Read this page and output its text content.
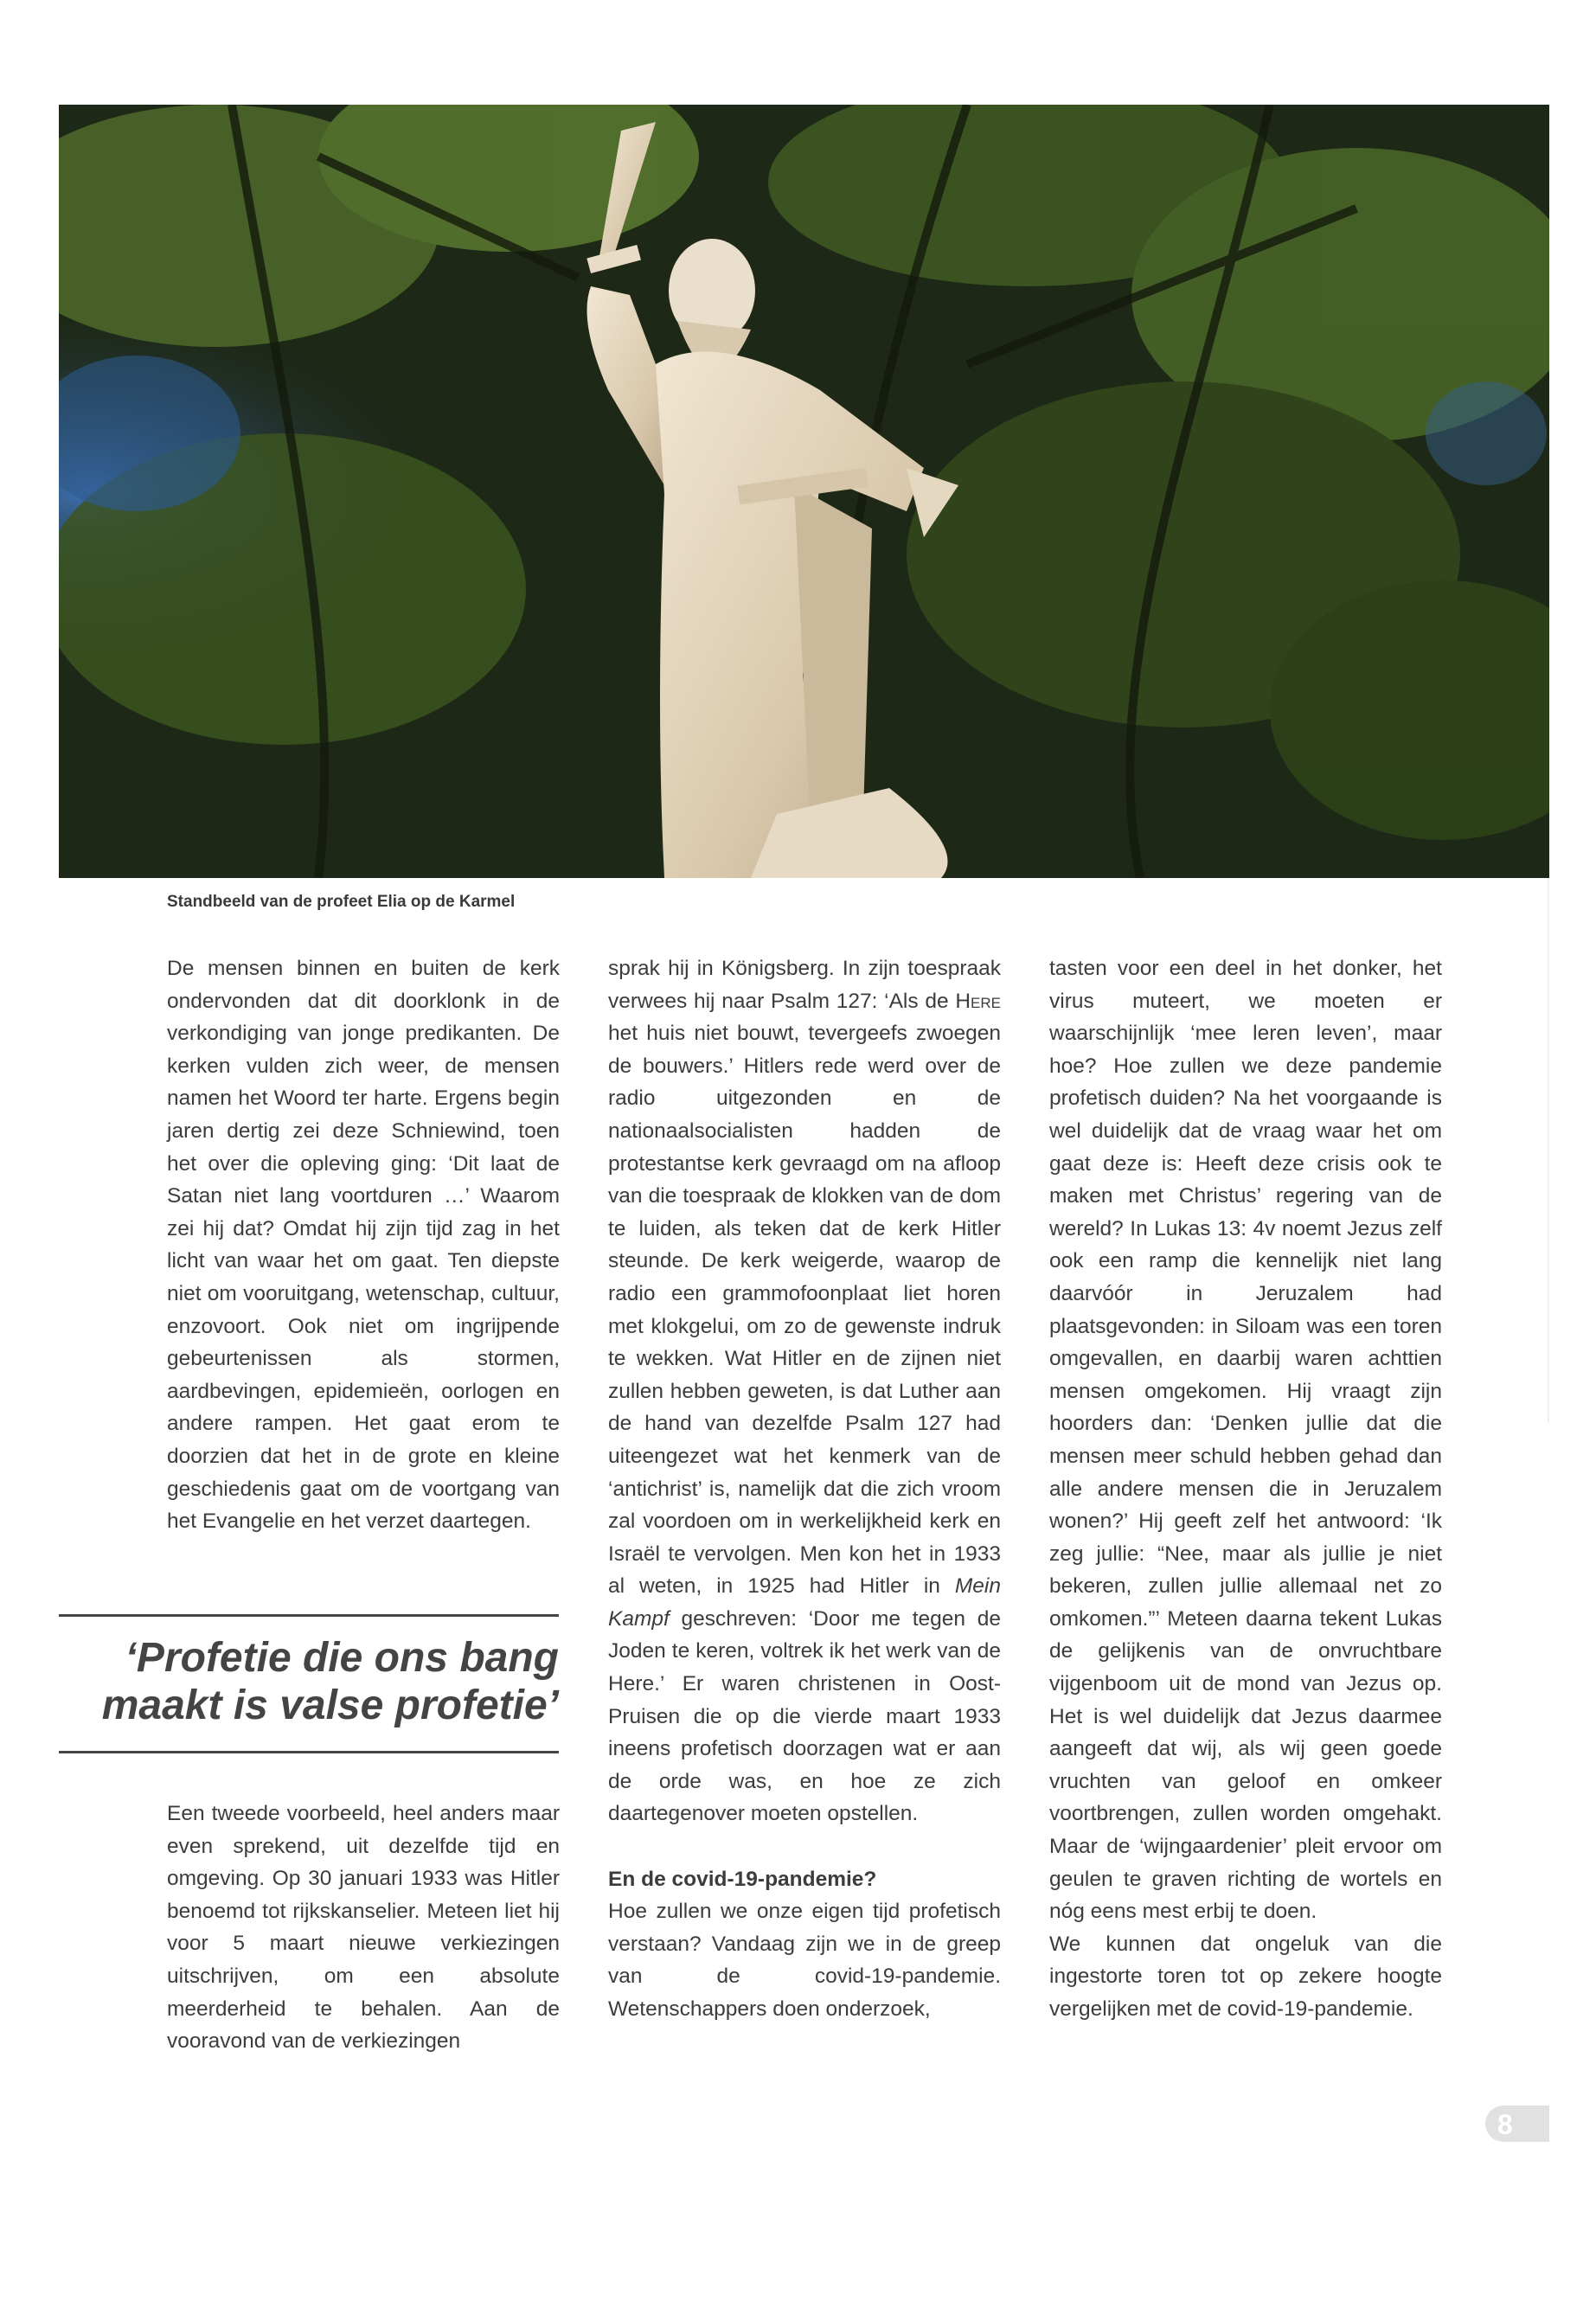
Standbeeld van de profeet Elia op de Karmel

De mensen binnen en buiten de kerk ondervonden dat dit doorklonk in de verkondiging van jonge predikanten. De kerken vulden zich weer, de mensen namen het Woord ter harte. Ergens begin jaren dertig zei deze Schniewind, toen het over die opleving ging: ‘Dit laat de Satan niet lang voortduren …’ Waarom zei hij dat? Omdat hij zijn tijd zag in het licht van waar het om gaat. Ten diepste niet om vooruitgang, wetenschap, cultuur, enzovoort. Ook niet om ingrijpende gebeurtenissen als stormen, aardbevingen, epidemieën, oorlogen en andere rampen. Het gaat erom te doorzien dat het in de grote en kleine geschiedenis gaat om de voortgang van het Evangelie en het verzet daartegen.

‘Profetie die ons bang
maakt is valse profetie’

Een tweede voorbeeld, heel anders maar even sprekend, uit dezelfde tijd en omgeving. Op 30 januari 1933 was Hitler benoemd tot rijkskanselier. Meteen liet hij voor 5 maart nieuwe verkiezingen uitschrijven, om een absolute meerderheid te behalen. Aan de vooravond van de verkiezingen

sprak hij in Königsberg. In zijn toespraak verwees hij naar Psalm 127: ‘Als de Here het huis niet bouwt, tevergeefs zwoegen de bouwers.’ Hitlers rede werd over de radio uitgezonden en de nationaalsocialisten hadden de protestantse kerk gevraagd om na afloop van die toespraak de klokken van de dom te luiden, als teken dat de kerk Hitler steunde. De kerk weigerde, waarop de radio een grammofoonplaat liet horen met klokgelui, om zo de gewenste indruk te wekken. Wat Hitler en de zijnen niet zullen hebben geweten, is dat Luther aan de hand van dezelfde Psalm 127 had uiteengezet wat het kenmerk van de ‘antichrist’ is, namelijk dat die zich vroom zal voordoen om in werkelijkheid kerk en Israël te vervolgen. Men kon het in 1933 al weten, in 1925 had Hitler in Mein Kampf geschreven: ‘Door me tegen de Joden te keren, voltrek ik het werk van de Here.’ Er waren christenen in Oost-Pruisen die op die vierde maart 1933 ineens profetisch doorzagen wat er aan de orde was, en hoe ze zich daartegenover moeten opstellen.

En de covid-19-pandemie?
Hoe zullen we onze eigen tijd profetisch verstaan? Vandaag zijn we in de greep van de covid-19-pandemie. Wetenschappers doen onderzoek,

tasten voor een deel in het donker, het virus muteert, we moeten er waarschijnlijk ‘mee leren leven’, maar hoe? Hoe zullen we deze pandemie profetisch duiden? Na het voorgaande is wel duidelijk dat de vraag waar het om gaat deze is: Heeft deze crisis ook te maken met Christus’ regering van de wereld? In Lukas 13: 4v noemt Jezus zelf ook een ramp die kennelijk niet lang daarvóór in Jeruzalem had plaatsgevonden: in Siloam was een toren omgevallen, en daarbij waren achttien mensen omgekomen. Hij vraagt zijn hoorders dan: ‘Denken jullie dat die mensen meer schuld hebben gehad dan alle andere mensen die in Jeruzalem wonen?’ Hij geeft zelf het antwoord: ‘Ik zeg jullie: “Nee, maar als jullie je niet bekeren, zullen jullie allemaal net zo omkomen.”’ Meteen daarna tekent Lukas de gelijkenis van de onvruchtbare vijgenboom uit de mond van Jezus op. Het is wel duidelijk dat Jezus daarmee aangeeft dat wij, als wij geen goede vruchten van geloof en omkeer voortbrengen, zullen worden omgehakt. Maar de ‘wijngaardenier’ pleit ervoor om geulen te graven richting de wortels en nóg eens mest erbij te doen.

We kunnen dat ongeluk van die ingestorte toren tot op zekere hoogte vergelijken met de covid-19-pandemie.

8
